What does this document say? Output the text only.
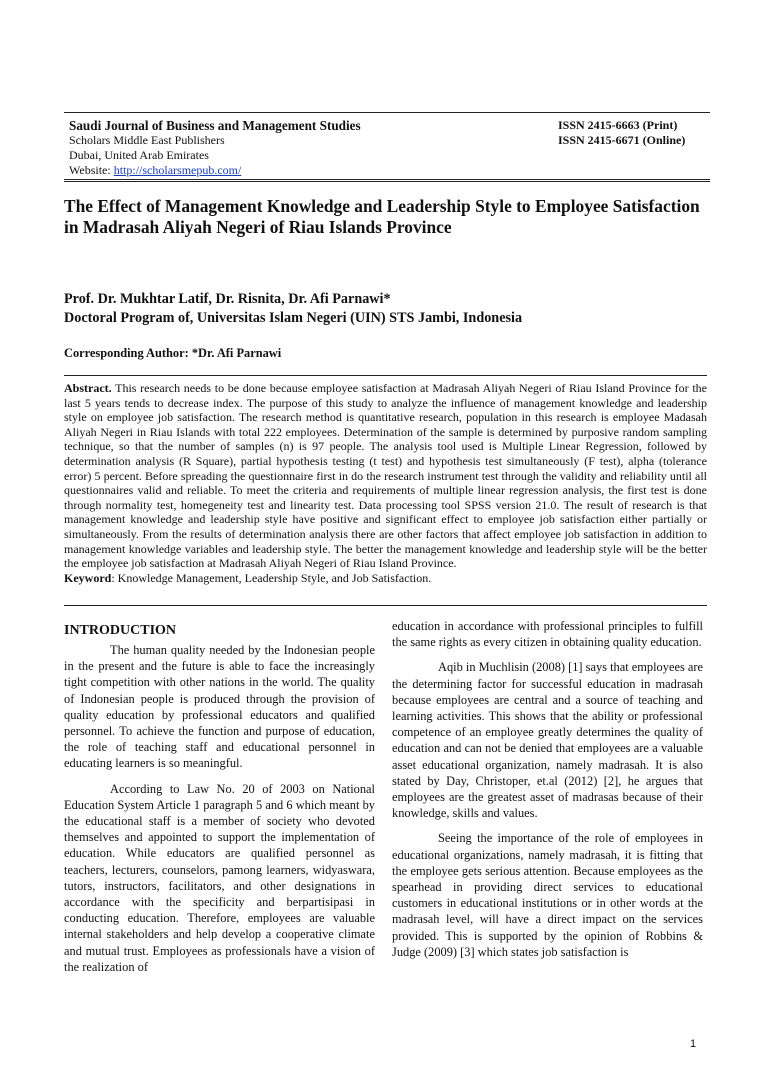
Saudi Journal of Business and Management Studies
Scholars Middle East Publishers
Dubai, United Arab Emirates
Website: http://scholarsmepub.com/
ISSN 2415-6663 (Print)
ISSN 2415-6671 (Online)
The Effect of Management Knowledge and Leadership Style to Employee Satisfaction in Madrasah Aliyah Negeri of Riau Islands Province
Prof. Dr. Mukhtar Latif, Dr. Risnita, Dr. Afi Parnawi*
Doctoral Program of, Universitas Islam Negeri (UIN) STS Jambi, Indonesia
Corresponding Author: *Dr. Afi Parnawi
Abstract. This research needs to be done because employee satisfaction at Madrasah Aliyah Negeri of Riau Island Province for the last 5 years tends to decrease index. The purpose of this study to analyze the influence of management knowledge and leadership style on employee job satisfaction. The research method is quantitative research, population in this research is employee Madasah Aliyah Negeri in Riau Islands with total 222 employees. Determination of the sample is determined by purposive random sampling technique, so that the number of samples (n) is 97 people. The analysis tool used is Multiple Linear Regression, followed by determination analysis (R Square), partial hypothesis testing (t test) and hypothesis test simultaneously (F test), alpha (tolerance error) 5 percent. Before spreading the questionnaire first in do the research instrument test through the validity and reliability until all questionnaires valid and reliable. To meet the criteria and requirements of multiple linear regression analysis, the first test is done through normality test, homegeneity test and linearity test. Data processing tool SPSS version 21.0. The result of research is that management knowledge and leadership style have positive and significant effect to employee job satisfaction either partially or simultaneously. From the results of determination analysis there are other factors that affect employee job satisfaction in addition to management knowledge variables and leadership style. The better the management knowledge and leadership style will be the better the employee job satisfaction at Madrasah Aliyah Negeri of Riau Island Province.
Keyword: Knowledge Management, Leadership Style, and Job Satisfaction.
INTRODUCTION

The human quality needed by the Indonesian people in the present and the future is able to face the increasingly tight competition with other nations in the world. The quality of Indonesian people is produced through the provision of quality education by professional educators and qualified personnel. To achieve the function and purpose of education, the role of teaching staff and educational personnel in educating learners is so meaningful.

According to Law No. 20 of 2003 on National Education System Article 1 paragraph 5 and 6 which meant by the educational staff is a member of society who devoted themselves and appointed to support the implementation of education. While educators are qualified personnel as teachers, lecturers, counselors, pamong learners, widyaswara, tutors, instructors, facilitators, and other designations in accordance with the specificity and berpartisipasi in conducting education. Therefore, employees are valuable internal stakeholders and help develop a cooperative climate and mutual trust. Employees as professionals have a vision of the realization of

education in accordance with professional principles to fulfill the same rights as every citizen in obtaining quality education.

Aqib in Muchlisin (2008) [1] says that employees are the determining factor for successful education in madrasah because employees are central and a source of teaching and learning activities. This shows that the ability or professional competence of an employee greatly determines the quality of education and can not be denied that employees are a valuable asset educational organization, namely madrasah. It is also stated by Day, Christoper, et.al (2012) [2], he argues that employees are the greatest asset of madrasas because of their knowledge, skills and values.

Seeing the importance of the role of employees in educational organizations, namely madrasah, it is fitting that the employee gets serious attention. Because employees as the spearhead in providing direct services to educational customers in educational institutions or in other words at the madrasah level, will have a direct impact on the services provided. This is supported by the opinion of Robbins & Judge (2009) [3] which states job satisfaction is

1
